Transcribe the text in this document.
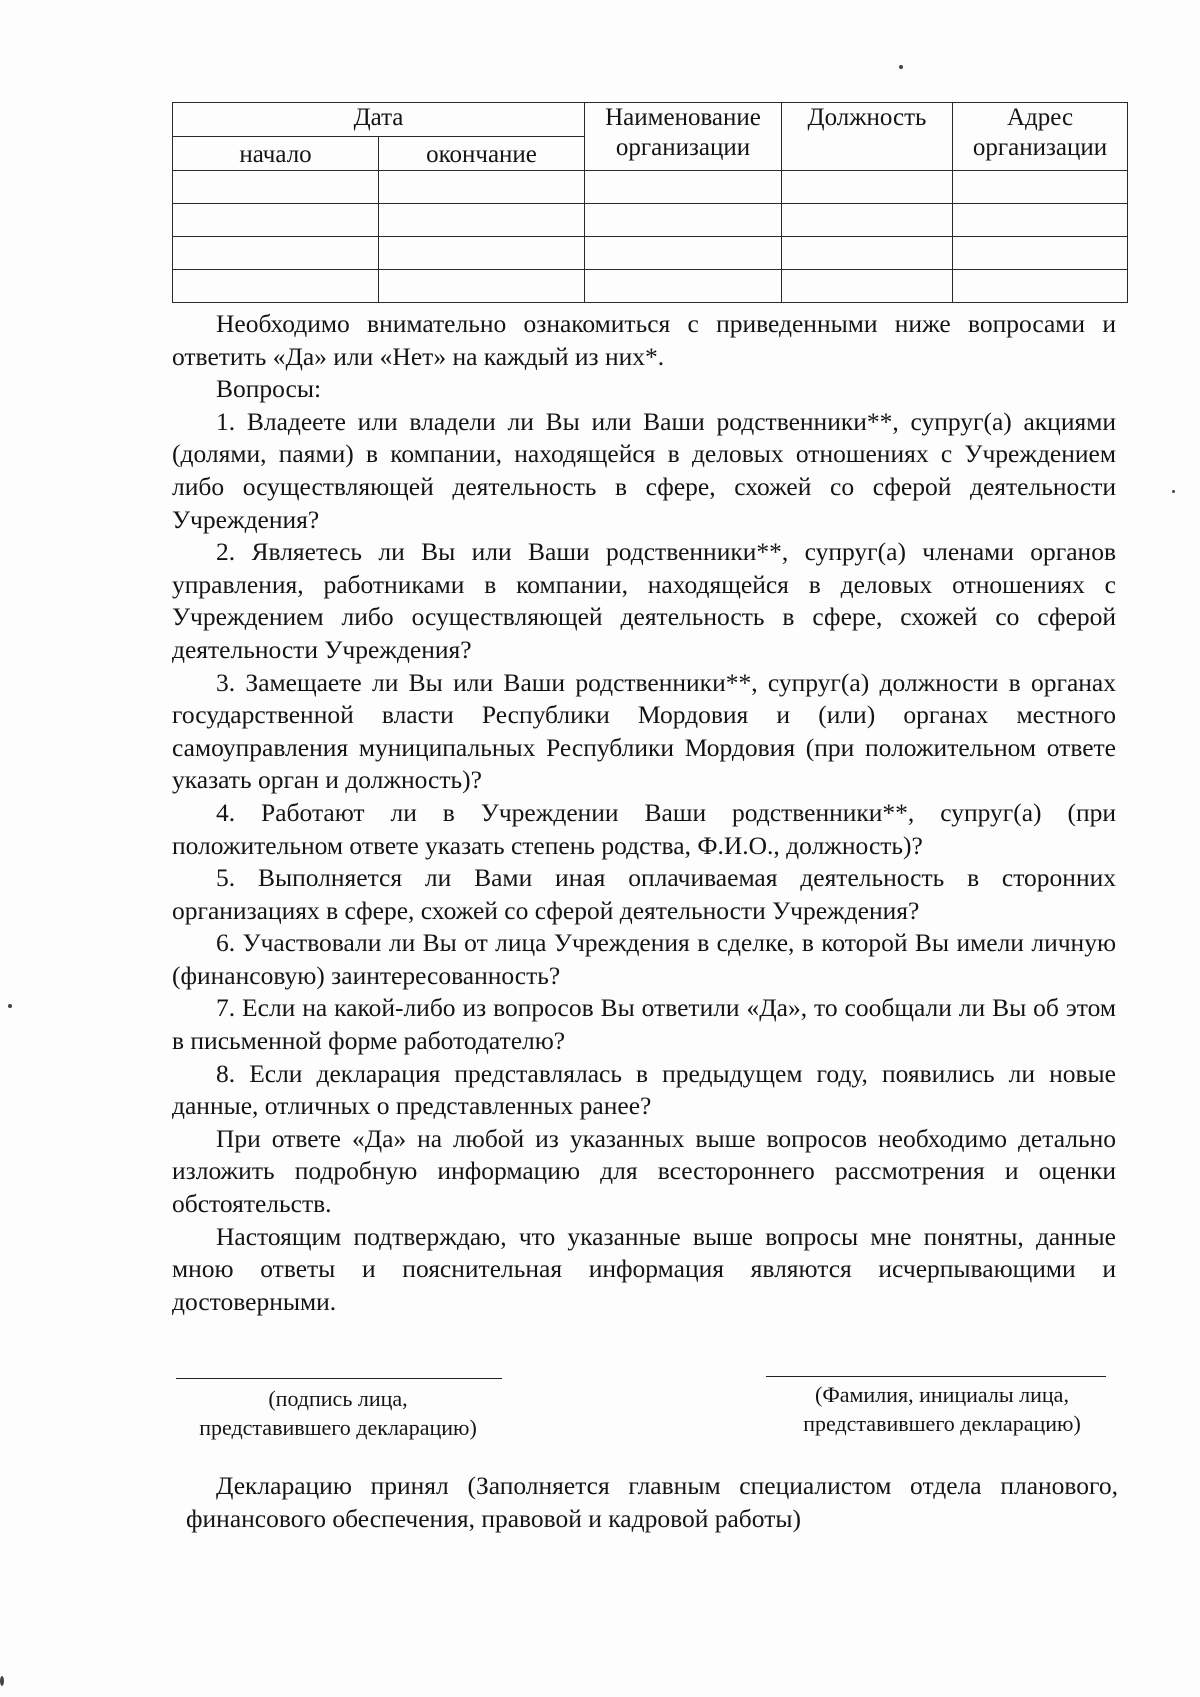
Дата		Наименование организации	Должность	Адрес организации
начало	окончание			

Необходимо внимательно ознакомиться с приведенными ниже вопросами и ответить «Да» или «Нет» на каждый из них*.

Вопросы:

1. Владеете или владели ли Вы или Ваши родственники**, супруг(а) акциями (долями, паями) в компании, находящейся в деловых отношениях с Учреждением либо осуществляющей деятельность в сфере, схожей со сферой деятельности Учреждения?

2. Являетесь ли Вы или Ваши родственники**, супруг(а) членами органов управления, работниками в компании, находящейся в деловых отношениях с Учреждением либо осуществляющей деятельность в сфере, схожей со сферой деятельности Учреждения?

3. Замещаете ли Вы или Ваши родственники**, супруг(а) должности в органах государственной власти Республики Мордовия и (или) органах местного самоуправления муниципальных Республики Мордовия (при положительном ответе указать орган и должность)?

4. Работают ли в Учреждении Ваши родственники**, супруг(а) (при положительном ответе указать степень родства, Ф.И.О., должность)?

5. Выполняется ли Вами иная оплачиваемая деятельность в сторонних организациях в сфере, схожей со сферой деятельности Учреждения?

6. Участвовали ли Вы от лица Учреждения в сделке, в которой Вы имели личную (финансовую) заинтересованность?

7. Если на какой-либо из вопросов Вы ответили «Да», то сообщали ли Вы об этом в письменной форме работодателю?

8. Если декларация представлялась в предыдущем году, появились ли новые данные, отличных о представленных ранее?

При ответе «Да» на любой из указанных выше вопросов необходимо детально изложить подробную информацию для всестороннего рассмотрения и оценки обстоятельств.

Настоящим подтверждаю, что указанные выше вопросы мне понятны, данные мною ответы и пояснительная информация являются исчерпывающими и достоверными.

(подпись лица,
представившего декларацию)
(Фамилия, инициалы лица,
представившего декларацию)

Декларацию принял (Заполняется главным специалистом отдела планового, финансового обеспечения, правовой и кадровой работы)
